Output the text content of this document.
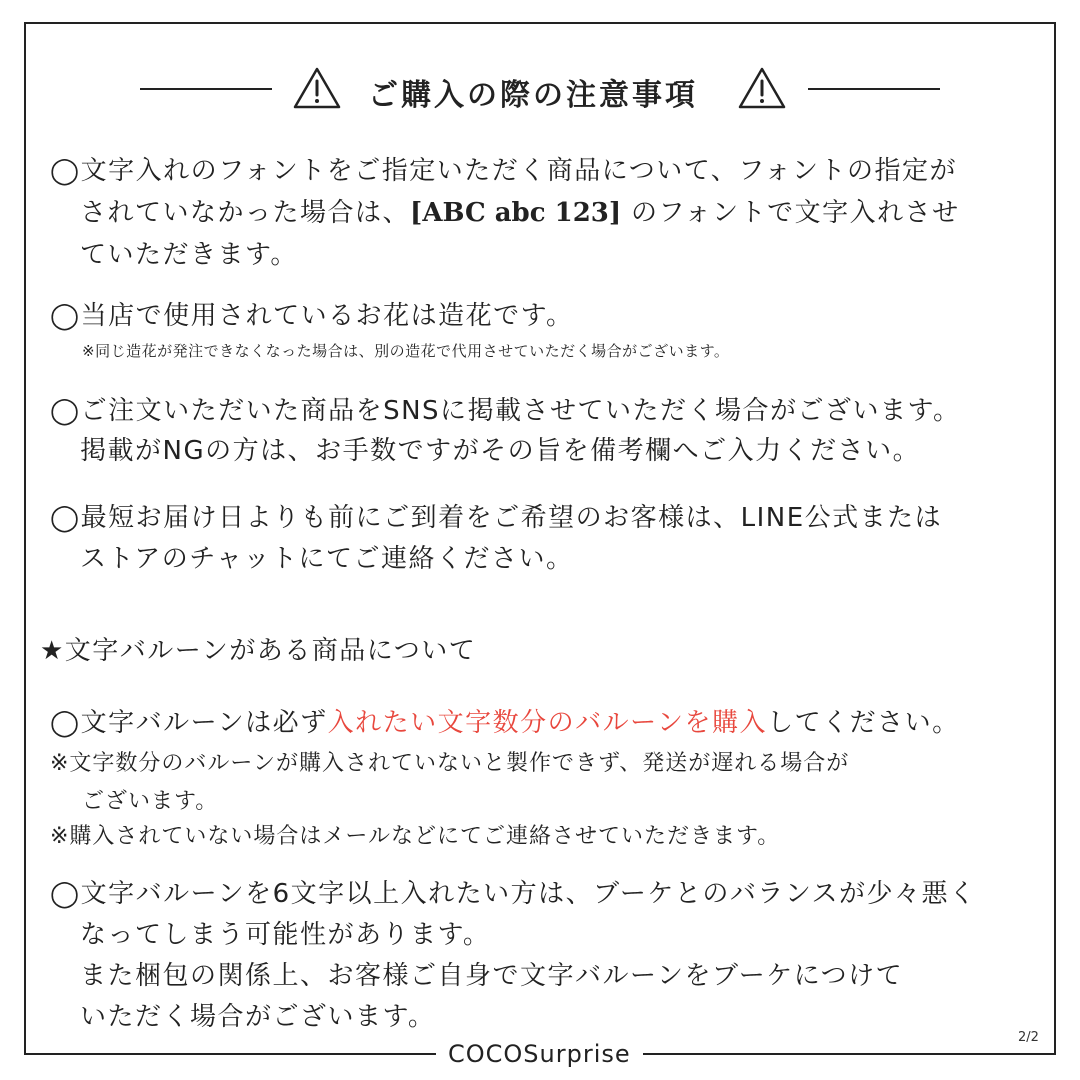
ご購入の際の注意事項
◯文字入れのフォントをご指定いただく商品について、フォントの指定が
されていなかった場合は、[ABC abc 123] のフォントで文字入れさせ
ていただきます。
◯当店で使用されているお花は造花です。
※同じ造花が発注できなくなった場合は、別の造花で代用させていただく場合がございます。
◯ご注文いただいた商品をSNSに掲載させていただく場合がございます。
掲載がNGの方は、お手数ですがその旨を備考欄へご入力ください。
◯最短お届け日よりも前にご到着をご希望のお客様は、LINE公式または
ストアのチャットにてご連絡ください。
★文字バルーンがある商品について
◯文字バルーンは必ず入れたい文字数分のバルーンを購入してください。
※文字数分のバルーンが購入されていないと製作できず、発送が遅れる場合が
ございます。
※購入されていない場合はメールなどにてご連絡させていただきます。
◯文字バルーンを6文字以上入れたい方は、ブーケとのバランスが少々悪く
なってしまう可能性があります。
また梱包の関係上、お客様ご自身で文字バルーンをブーケにつけて
いただく場合がございます。
2/2
COCOSurprise
